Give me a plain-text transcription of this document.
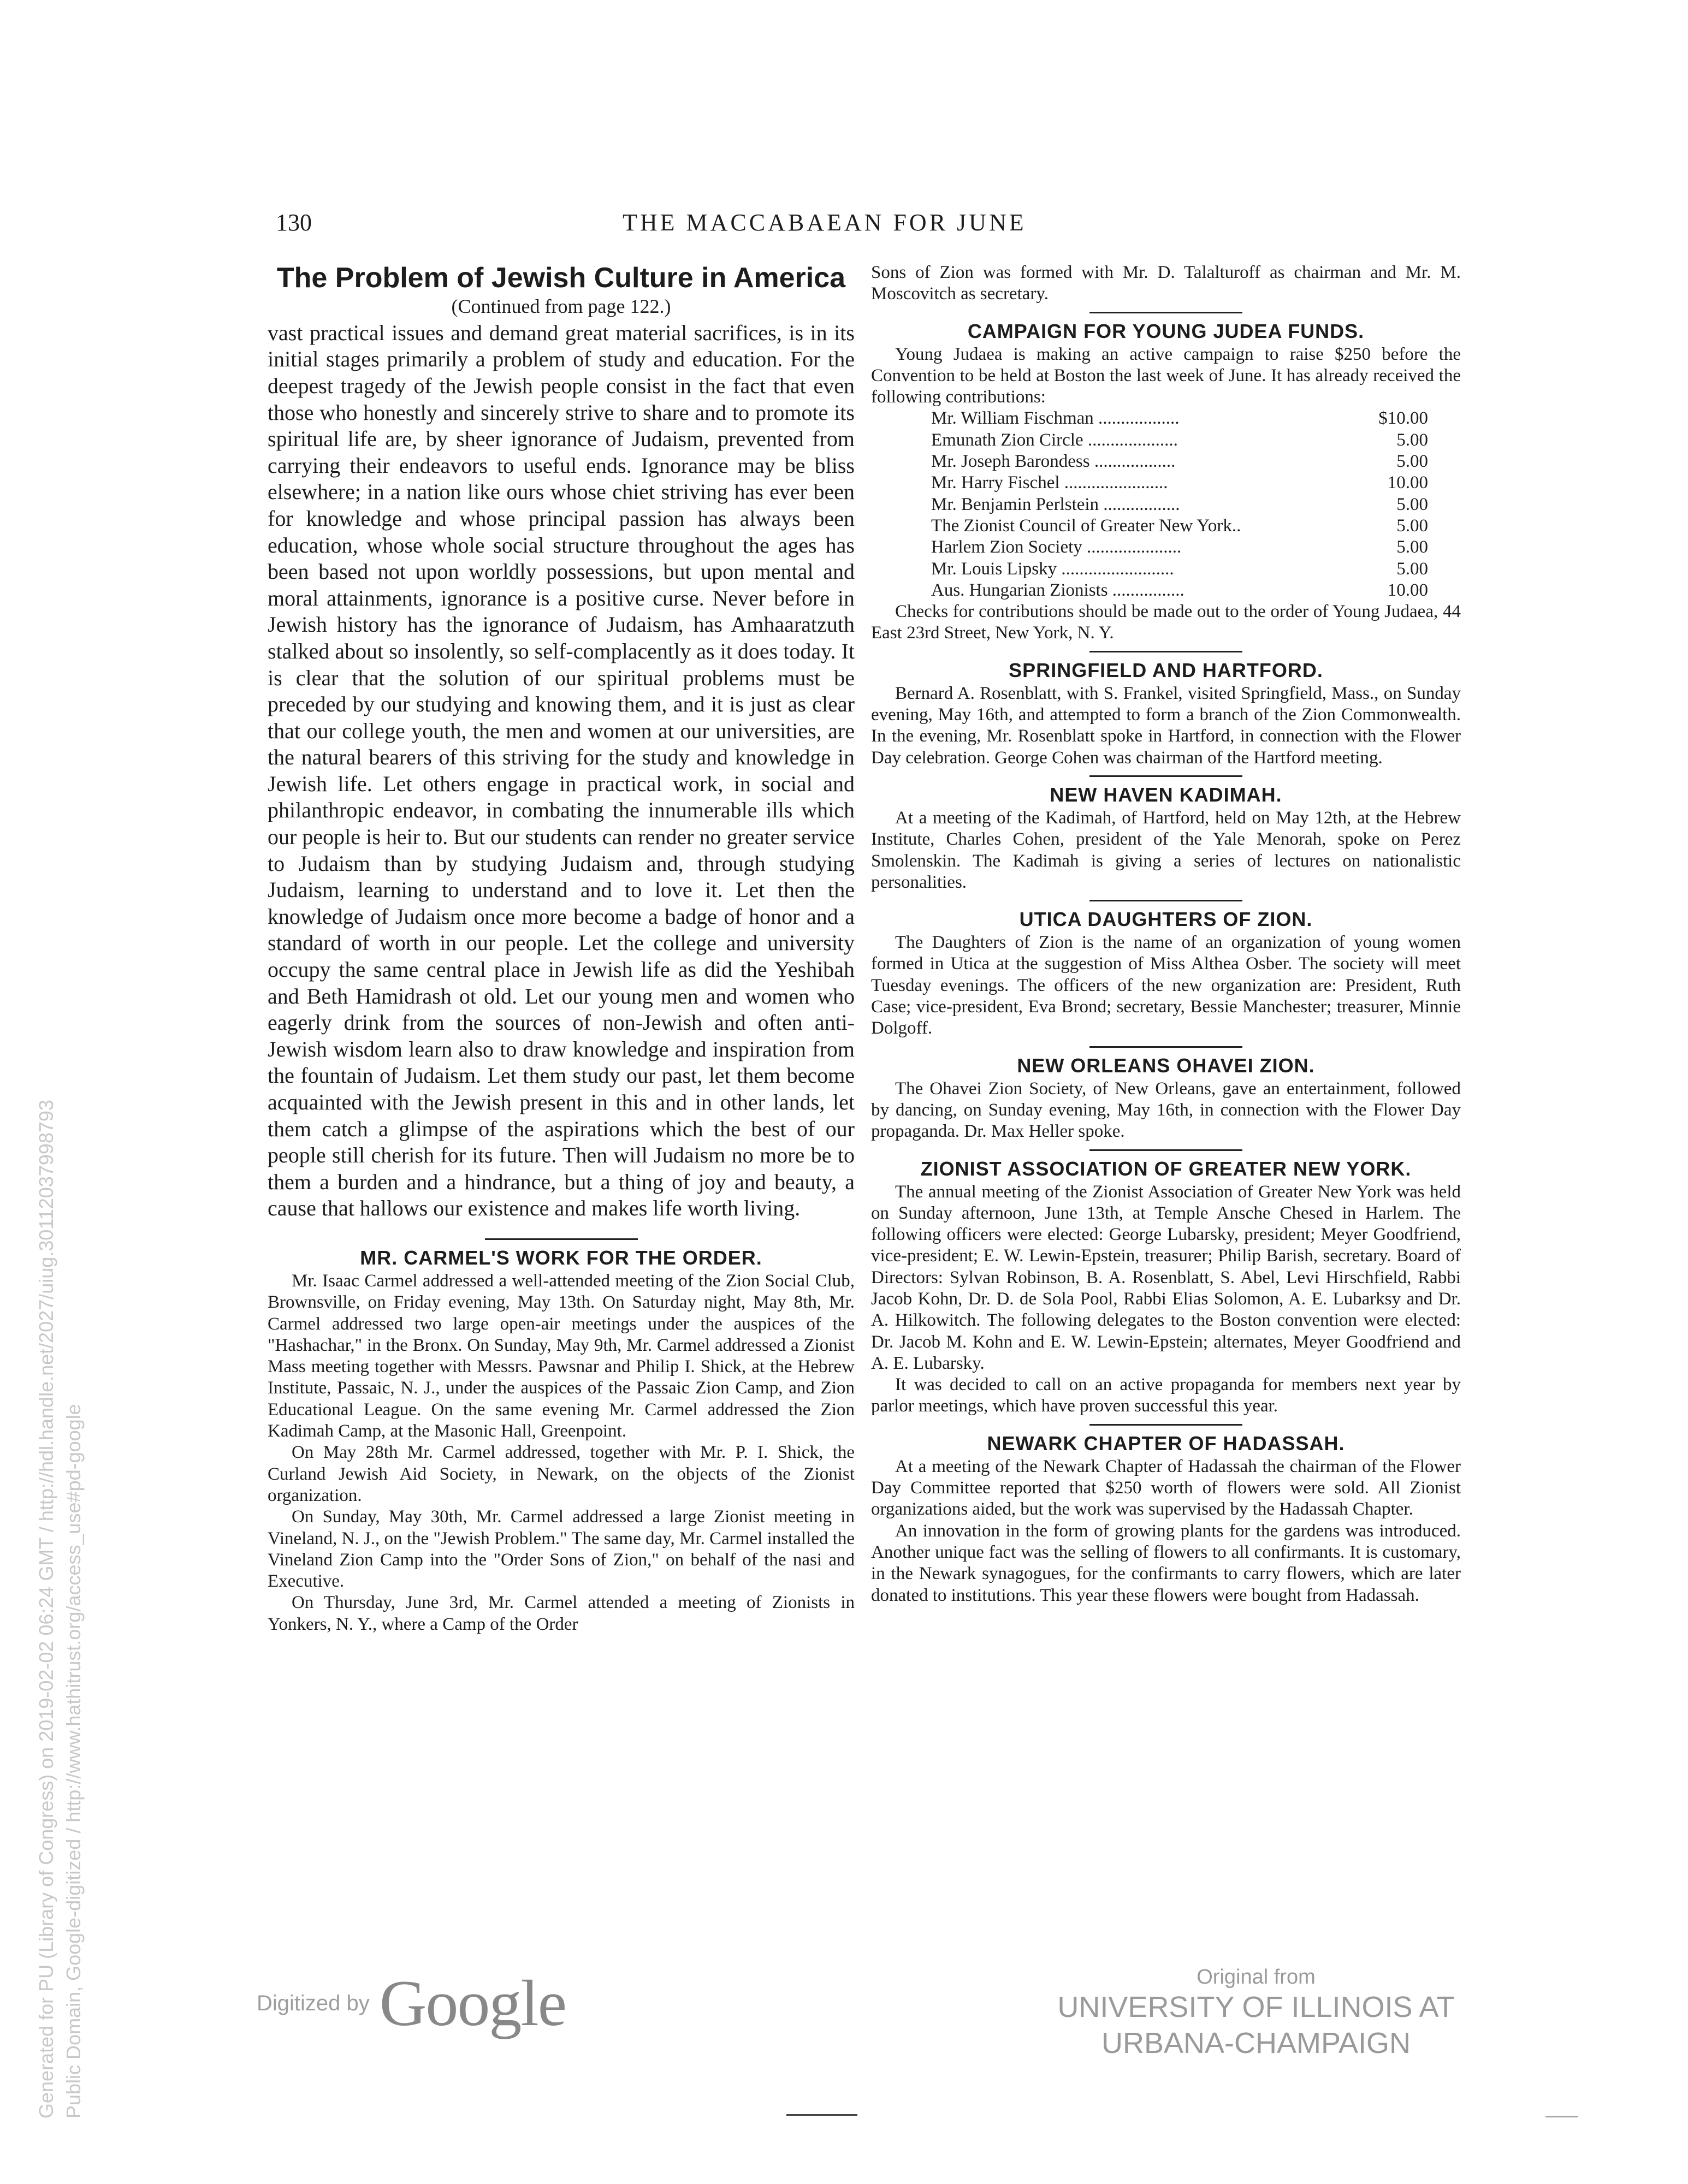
130	THE MACCABAEAN FOR JUNE
The Problem of Jewish Culture in America

(Continued from page 122.)

vast practical issues and demand great material sacrifices, is in its initial stages primarily a problem of study and education. For the deepest tragedy of the Jewish people consist in the fact that even those who honestly and sincerely strive to share and to promote its spiritual life are, by sheer ignorance of Judaism, prevented from carrying their endeavors to useful ends. Ignorance may be bliss elsewhere; in a nation like ours whose chiet striving has ever been for knowledge and whose principal passion has always been education, whose whole social structure throughout the ages has been based not upon worldly possessions, but upon mental and moral attainments, ignorance is a positive curse. Never before in Jewish history has the ignorance of Judaism, has Amhaaratzuth stalked about so insolently, so self-complacently as it does today. It is clear that the solution of our spiritual problems must be preceded by our studying and knowing them, and it is just as clear that our college youth, the men and women at our universities, are the natural bearers of this striving for the study and knowledge in Jewish life. Let others engage in practical work, in social and philanthropic endeavor, in combating the innumerable ills which our people is heir to. But our students can render no greater service to Judaism than by studying Judaism and, through studying Judaism, learning to understand and to love it. Let then the knowledge of Judaism once more become a badge of honor and a standard of worth in our people. Let the college and university occupy the same central place in Jewish life as did the Yeshibah and Beth Hamidrash ot old. Let our young men and women who eagerly drink from the sources of non-Jewish and often anti-Jewish wisdom learn also to draw knowledge and inspiration from the fountain of Judaism. Let them study our past, let them become acquainted with the Jewish present in this and in other lands, let them catch a glimpse of the aspirations which the best of our people still cherish for its future. Then will Judaism no more be to them a burden and a hindrance, but a thing of joy and beauty, a cause that hallows our existence and makes life worth living.

MR. CARMEL'S WORK FOR THE ORDER.

Mr. Isaac Carmel addressed a well-attended meeting of the Zion Social Club, Brownsville, on Friday evening, May 13th. On Saturday night, May 8th, Mr. Carmel addressed two large open-air meetings under the auspices of the "Hashachar," in the Bronx. On Sunday, May 9th, Mr. Carmel addressed a Zionist Mass meeting together with Messrs. Pawsnar and Philip I. Shick, at the Hebrew Institute, Passaic, N. J., under the auspices of the Passaic Zion Camp, and Zion Educational League. On the same evening Mr. Carmel addressed the Zion Kadimah Camp, at the Masonic Hall, Greenpoint.

On May 28th Mr. Carmel addressed, together with Mr. P. I. Shick, the Curland Jewish Aid Society, in Newark, on the objects of the Zionist organization.

On Sunday, May 30th, Mr. Carmel addressed a large Zionist meeting in Vineland, N. J., on the "Jewish Problem." The same day, Mr. Carmel installed the Vineland Zion Camp into the "Order Sons of Zion," on behalf of the nasi and Executive.

On Thursday, June 3rd, Mr. Carmel attended a meeting of Zionists in Yonkers, N. Y., where a Camp of the Order

Sons of Zion was formed with Mr. D. Talalturoff as chairman and Mr. M. Moscovitch as secretary.

CAMPAIGN FOR YOUNG JUDEA FUNDS.

Young Judaea is making an active campaign to raise $250 before the Convention to be held at Boston the last week of June. It has already received the following contributions:

Mr. William Fischman ..................	$10.00
Emunath Zion Circle ....................	5.00
Mr. Joseph Barondess ..................	5.00
Mr. Harry Fischel .......................	10.00
Mr. Benjamin Perlstein .................	5.00
The Zionist Council of Greater New York..	5.00
Harlem Zion Society .....................	5.00
Mr. Louis Lipsky .........................	5.00
Aus. Hungarian Zionists ................	10.00

Checks for contributions should be made out to the order of Young Judaea, 44 East 23rd Street, New York, N. Y.

SPRINGFIELD AND HARTFORD.

Bernard A. Rosenblatt, with S. Frankel, visited Springfield, Mass., on Sunday evening, May 16th, and attempted to form a branch of the Zion Commonwealth. In the evening, Mr. Rosenblatt spoke in Hartford, in connection with the Flower Day celebration. George Cohen was chairman of the Hartford meeting.

NEW HAVEN KADIMAH.

At a meeting of the Kadimah, of Hartford, held on May 12th, at the Hebrew Institute, Charles Cohen, president of the Yale Menorah, spoke on Perez Smolenskin. The Kadimah is giving a series of lectures on nationalistic personalities.

UTICA DAUGHTERS OF ZION.

The Daughters of Zion is the name of an organization of young women formed in Utica at the suggestion of Miss Althea Osber. The society will meet Tuesday evenings. The officers of the new organization are: President, Ruth Case; vice-president, Eva Brond; secretary, Bessie Manchester; treasurer, Minnie Dolgoff.

NEW ORLEANS OHAVEI ZION.

The Ohavei Zion Society, of New Orleans, gave an entertainment, followed by dancing, on Sunday evening, May 16th, in connection with the Flower Day propaganda. Dr. Max Heller spoke.

ZIONIST ASSOCIATION OF GREATER NEW YORK.

The annual meeting of the Zionist Association of Greater New York was held on Sunday afternoon, June 13th, at Temple Ansche Chesed in Harlem. The following officers were elected: George Lubarsky, president; Meyer Goodfriend, vice-president; E. W. Lewin-Epstein, treasurer; Philip Barish, secretary. Board of Directors: Sylvan Robinson, B. A. Rosenblatt, S. Abel, Levi Hirschfield, Rabbi Jacob Kohn, Dr. D. de Sola Pool, Rabbi Elias Solomon, A. E. Lubarksy and Dr. A. Hilkowitch. The following delegates to the Boston convention were elected: Dr. Jacob M. Kohn and E. W. Lewin-Epstein; alternates, Meyer Goodfriend and A. E. Lubarsky.

It was decided to call on an active propaganda for members next year by parlor meetings, which have proven successful this year.

NEWARK CHAPTER OF HADASSAH.

At a meeting of the Newark Chapter of Hadassah the chairman of the Flower Day Committee reported that $250 worth of flowers were sold. All Zionist organizations aided, but the work was supervised by the Hadassah Chapter.

An innovation in the form of growing plants for the gardens was introduced. Another unique fact was the selling of flowers to all confirmants. It is customary, in the Newark synagogues, for the confirmants to carry flowers, which are later donated to institutions. This year these flowers were bought from Hadassah.

Generated for PU (Library of Congress) on 2019-02-02 06:24 GMT / http://hdl.handle.net/2027/uiug.30112037998793 Public Domain, Google-digitized / http://www.hathitrust.org/access_use#pd-google	Digitized by Google	Original from
UNIVERSITY OF ILLINOIS AT
URBANA-CHAMPAIGN
